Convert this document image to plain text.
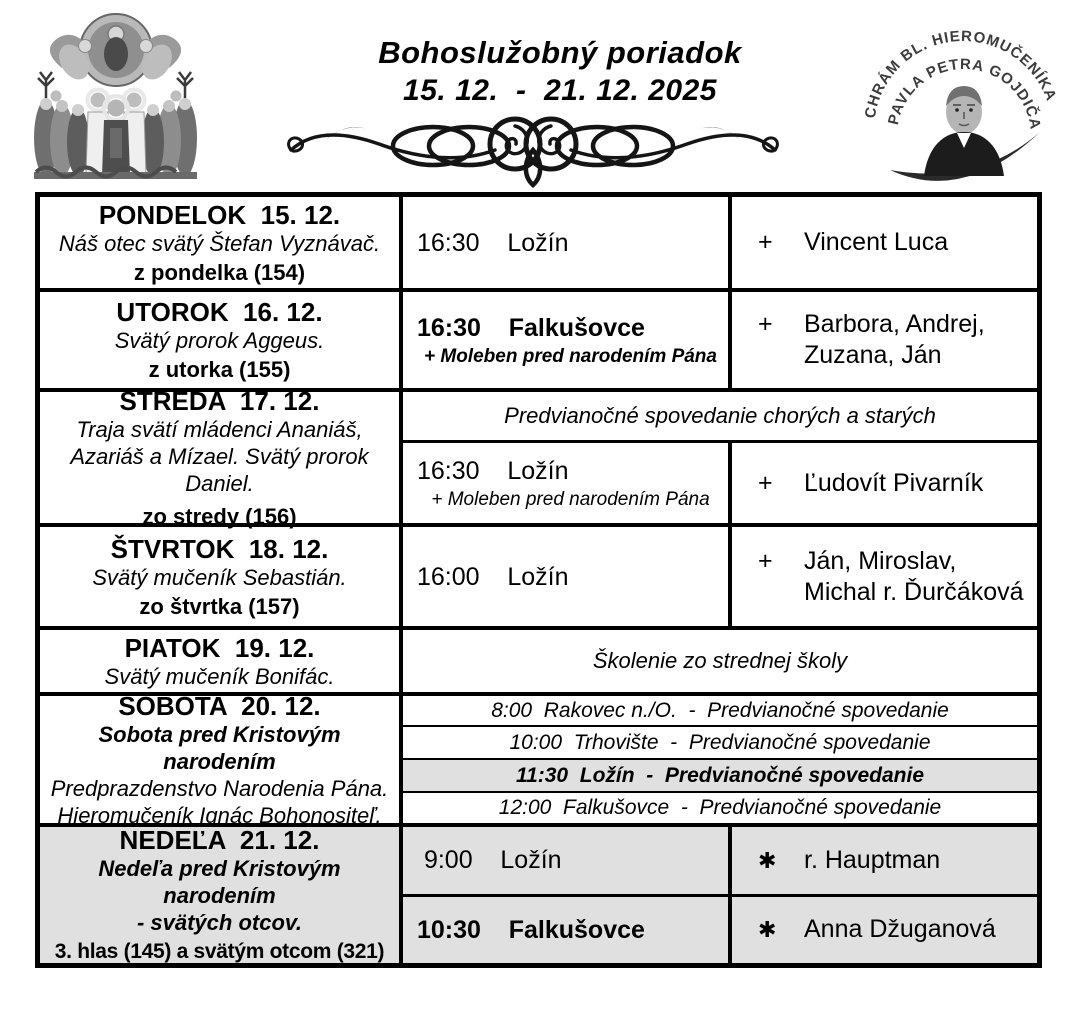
Bohoslužobný poriadok
15. 12.  -  21. 12. 2025
CHRÁM BL. HIEROMUČENÍKA
PAVLA PETRA GOJDIČA
PONDELOK  15. 12.
Náš otec svätý Štefan Vyznávač.
z pondelka (154)
16:30    Ložín	+	Vincent Luca
UTOROK  16. 12.
Svätý prorok Aggeus.
z utorka (155)
16:30    Falkušovce
+ Moleben pred narodením Pána
+	Barbora, Andrej, Zuzana, Ján
STREDA  17. 12.
Traja svätí mládenci Ananiáš, Azariáš a Mízael. Svätý prorok Daniel.
zo stredy (156)
Predvianočné spovedanie chorých a starých
16:30    Ložín
+ Moleben pred narodením Pána
+	Ľudovít Pivarník
ŠTVRTOK  18. 12.
Svätý mučeník Sebastián.
zo štvrtka (157)
16:00    Ložín
+	Ján, Miroslav, Michal r. Ďurčáková
PIATOK  19. 12.
Svätý mučeník Bonifác.
Školenie zo strednej školy
SOBOTA  20. 12.
Sobota pred Kristovým narodením
Predprazdenstvo Narodenia Pána.
Hieromučeník Ignác Bohonositeľ.
8:00  Rakovec n./O.  -  Predvianočné spovedanie
10:00  Trhovište  -  Predvianočné spovedanie
11:30  Ložín  -  Predvianočné spovedanie
12:00  Falkušovce  -  Predvianočné spovedanie
NEDEĽA  21. 12.
Nedeľa pred Kristovým narodením
- svätých otcov.
3. hlas (145) a svätým otcom (321)
9:00    Ložín	✱	r. Hauptman
10:30    Falkušovce	✱	Anna Džuganová
